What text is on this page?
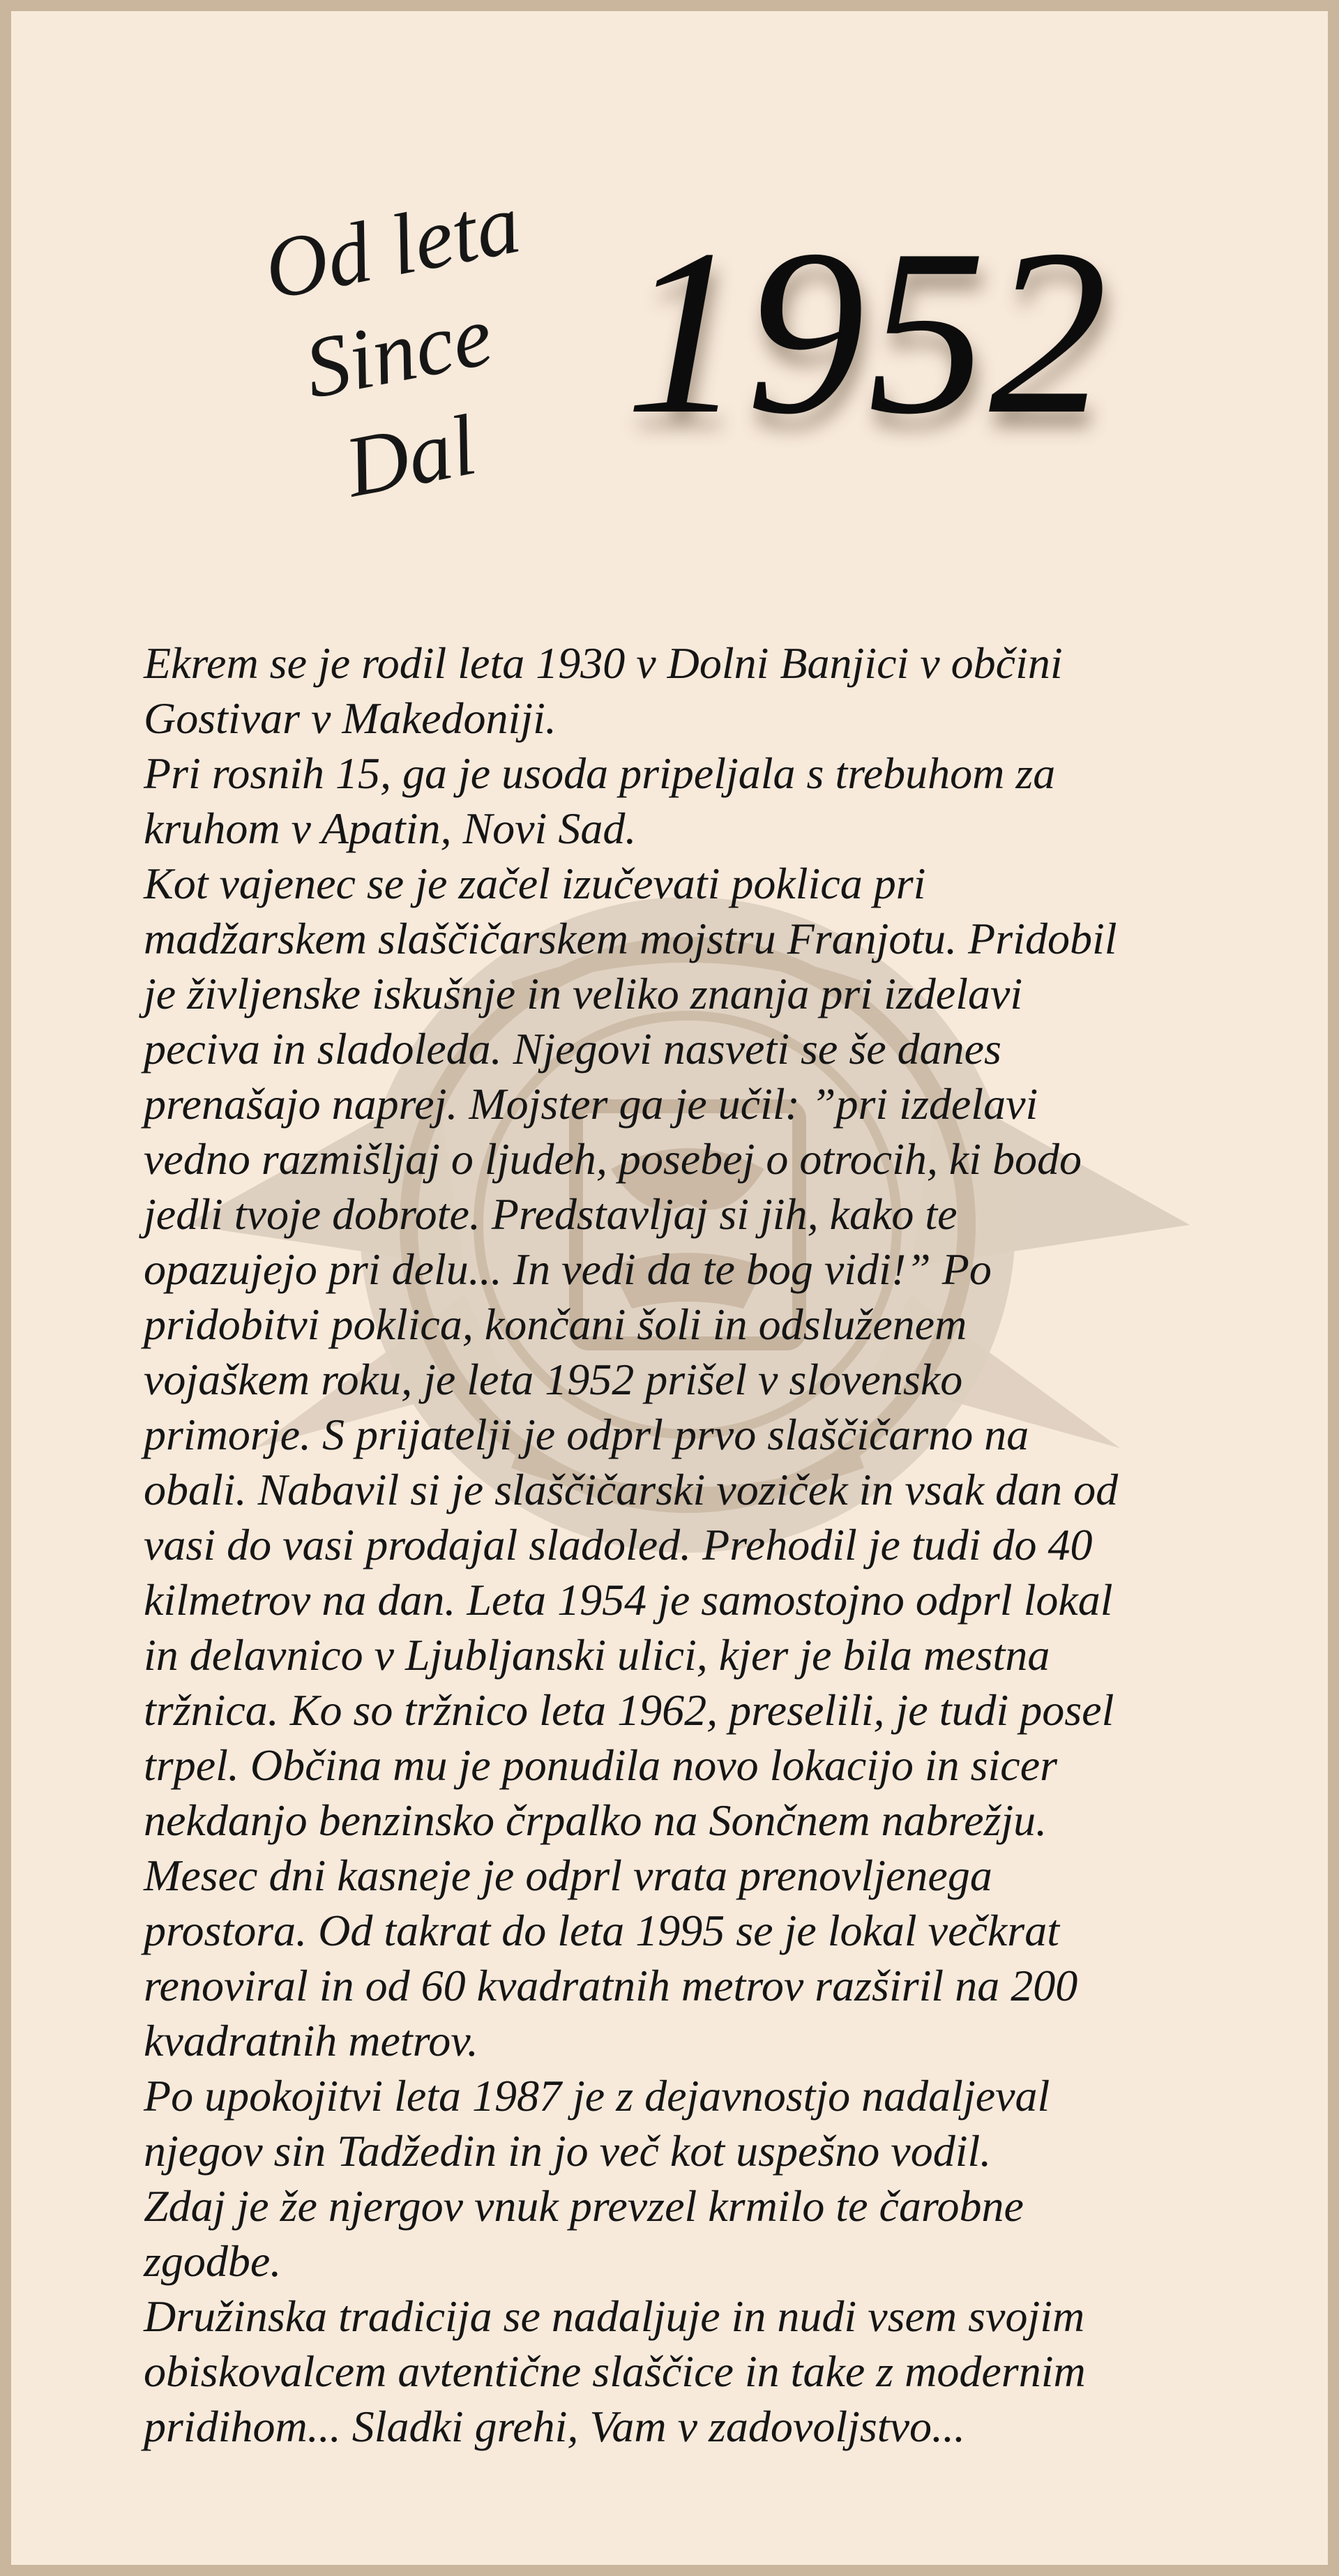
Od leta
Since
Dal 1952
Ekrem se je rodil leta 1930 v Dolni Banjici v občini
Gostivar v Makedoniji.
Pri rosnih 15, ga je usoda pripeljala s trebuhom za
kruhom v Apatin, Novi Sad.
Kot vajenec se je začel izučevati poklica pri
madžarskem slaščičarskem mojstru Franjotu. Pridobil
je življenske iskušnje in veliko znanja pri izdelavi
peciva in sladoleda. Njegovi nasveti se še danes
prenašajo naprej. Mojster ga je učil: ”pri izdelavi
vedno razmišljaj o ljudeh, posebej o otrocih, ki bodo
jedli tvoje dobrote. Predstavljaj si jih, kako te
opazujejo pri delu... In vedi da te bog vidi!” Po
pridobitvi poklica, končani šoli in odsluženem
vojaškem roku, je leta 1952 prišel v slovensko
primorje. S prijatelji je odprl prvo slaščičarno na
obali. Nabavil si je slaščičarski voziček in vsak dan od
vasi do vasi prodajal sladoled. Prehodil je tudi do 40
kilmetrov na dan. Leta 1954 je samostojno odprl lokal
in delavnico v Ljubljanski ulici, kjer je bila mestna
tržnica. Ko so tržnico leta 1962, preselili, je tudi posel
trpel. Občina mu je ponudila novo lokacijo in sicer
nekdanjo benzinsko črpalko na Sončnem nabrežju.
Mesec dni kasneje je odprl vrata prenovljenega
prostora. Od takrat do leta 1995 se je lokal večkrat
renoviral in od 60 kvadratnih metrov razširil na 200
kvadratnih metrov.
Po upokojitvi leta 1987 je z dejavnostjo nadaljeval
njegov sin Tadžedin in jo več kot uspešno vodil.
Zdaj je že njergov vnuk prevzel krmilo te čarobne
zgodbe.
Družinska tradicija se nadaljuje in nudi vsem svojim
obiskovalcem avtentične slaščice in take z modernim
pridihom... Sladki grehi, Vam v zadovoljstvo...
